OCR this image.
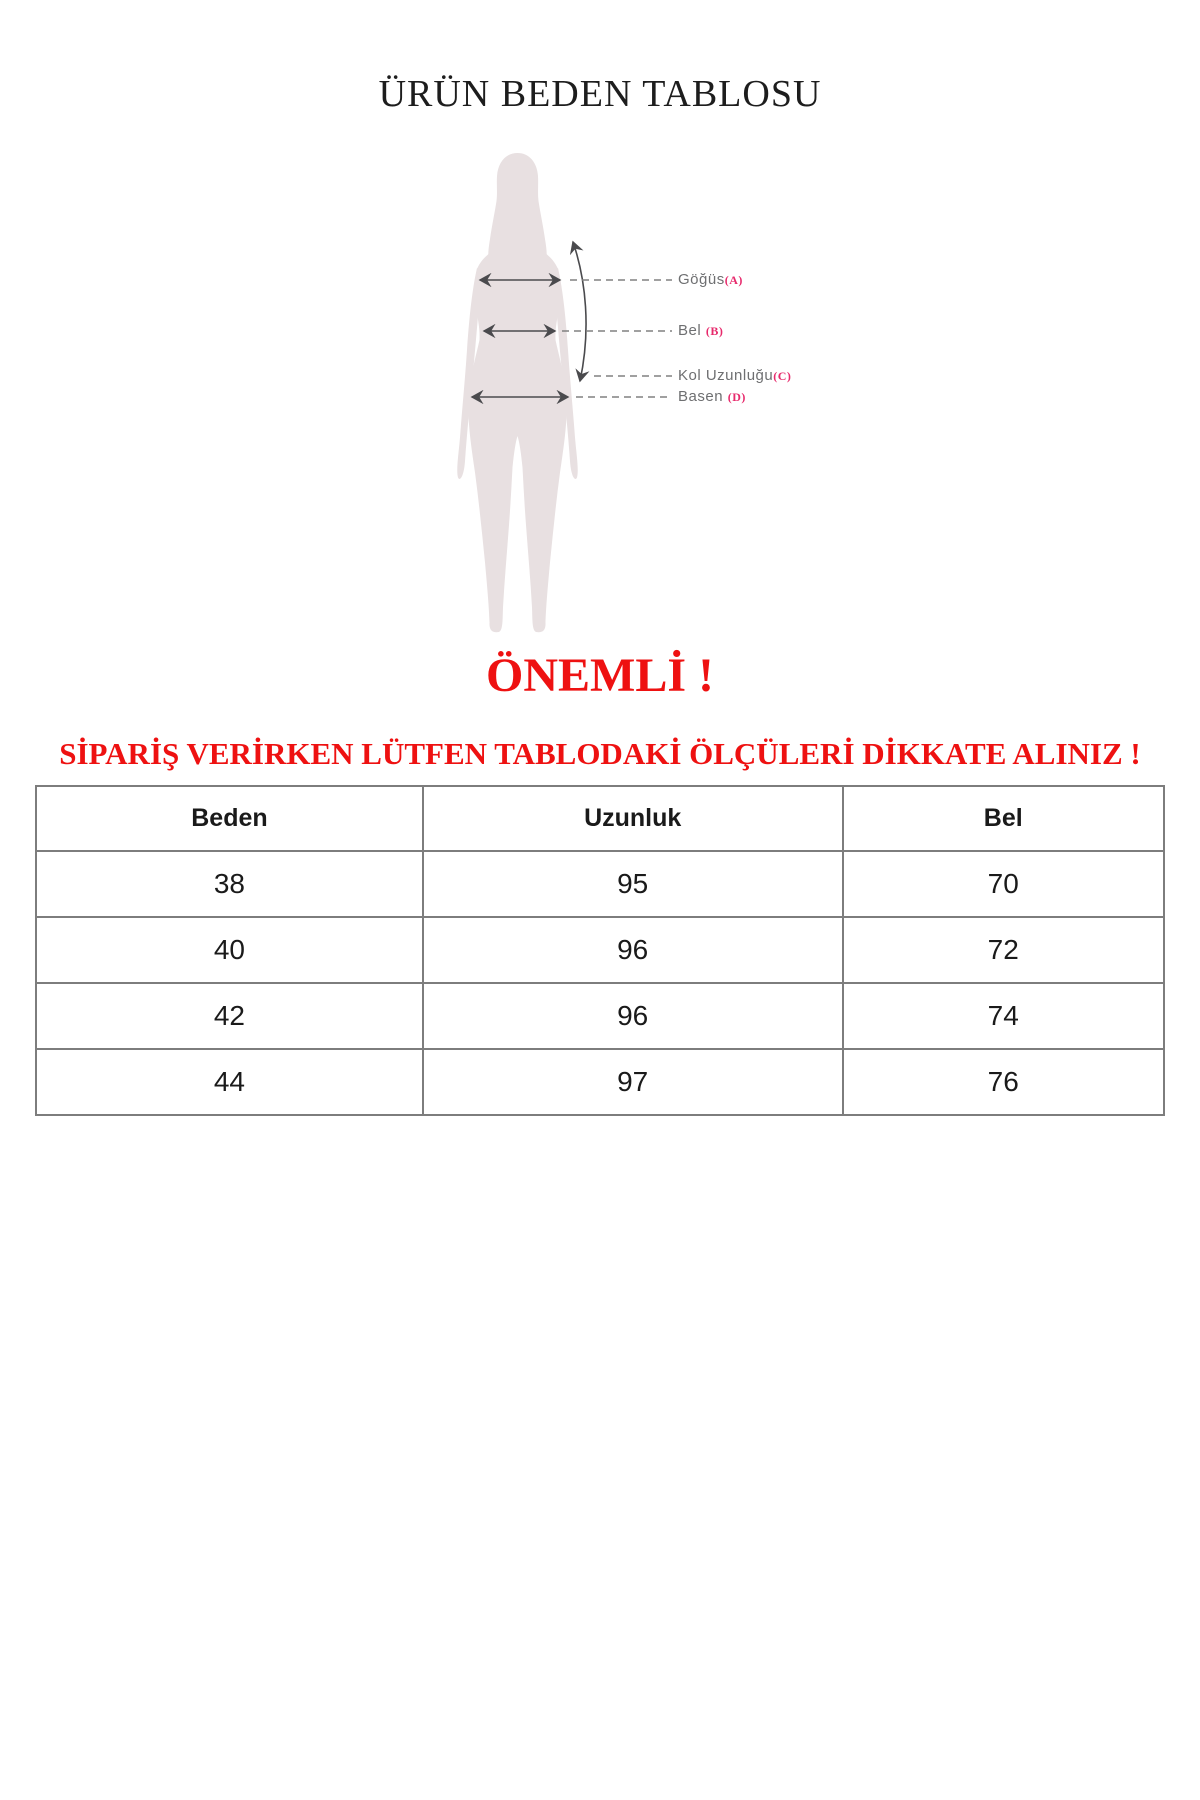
ÜRÜN BEDEN TABLOSU
Göğüs(A)
Bel (B)
Kol Uzunluğu(C)
Basen (D)
ÖNEMLİ !
SİPARİŞ VERİRKEN LÜTFEN TABLODAKİ ÖLÇÜLERİ DİKKATE ALINIZ !
Beden	Uzunluk	Bel
38	95	70
40	96	72
42	96	74
44	97	76
